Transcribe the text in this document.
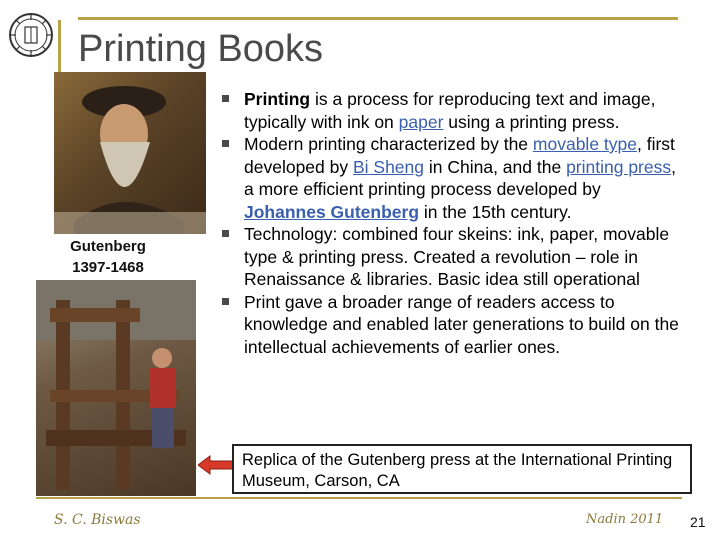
Printing Books
Gutenberg
1397-1468
Printing is a process for reproducing text and image, typically with ink on paper using a printing press.
Modern printing characterized by the movable type, first developed by Bi Sheng in China, and the printing press, a more efficient printing process developed by Johannes Gutenberg in the 15th century.
Technology: combined four skeins: ink, paper, movable type & printing press. Created a revolution – role in Renaissance & libraries. Basic idea still operational
Print gave a broader range of readers access to knowledge and enabled later generations to build on the intellectual achievements of earlier ones.
Replica of the Gutenberg press at the International Printing Museum, Carson, CA
S. C. Biswas	Nadin 2011 21
